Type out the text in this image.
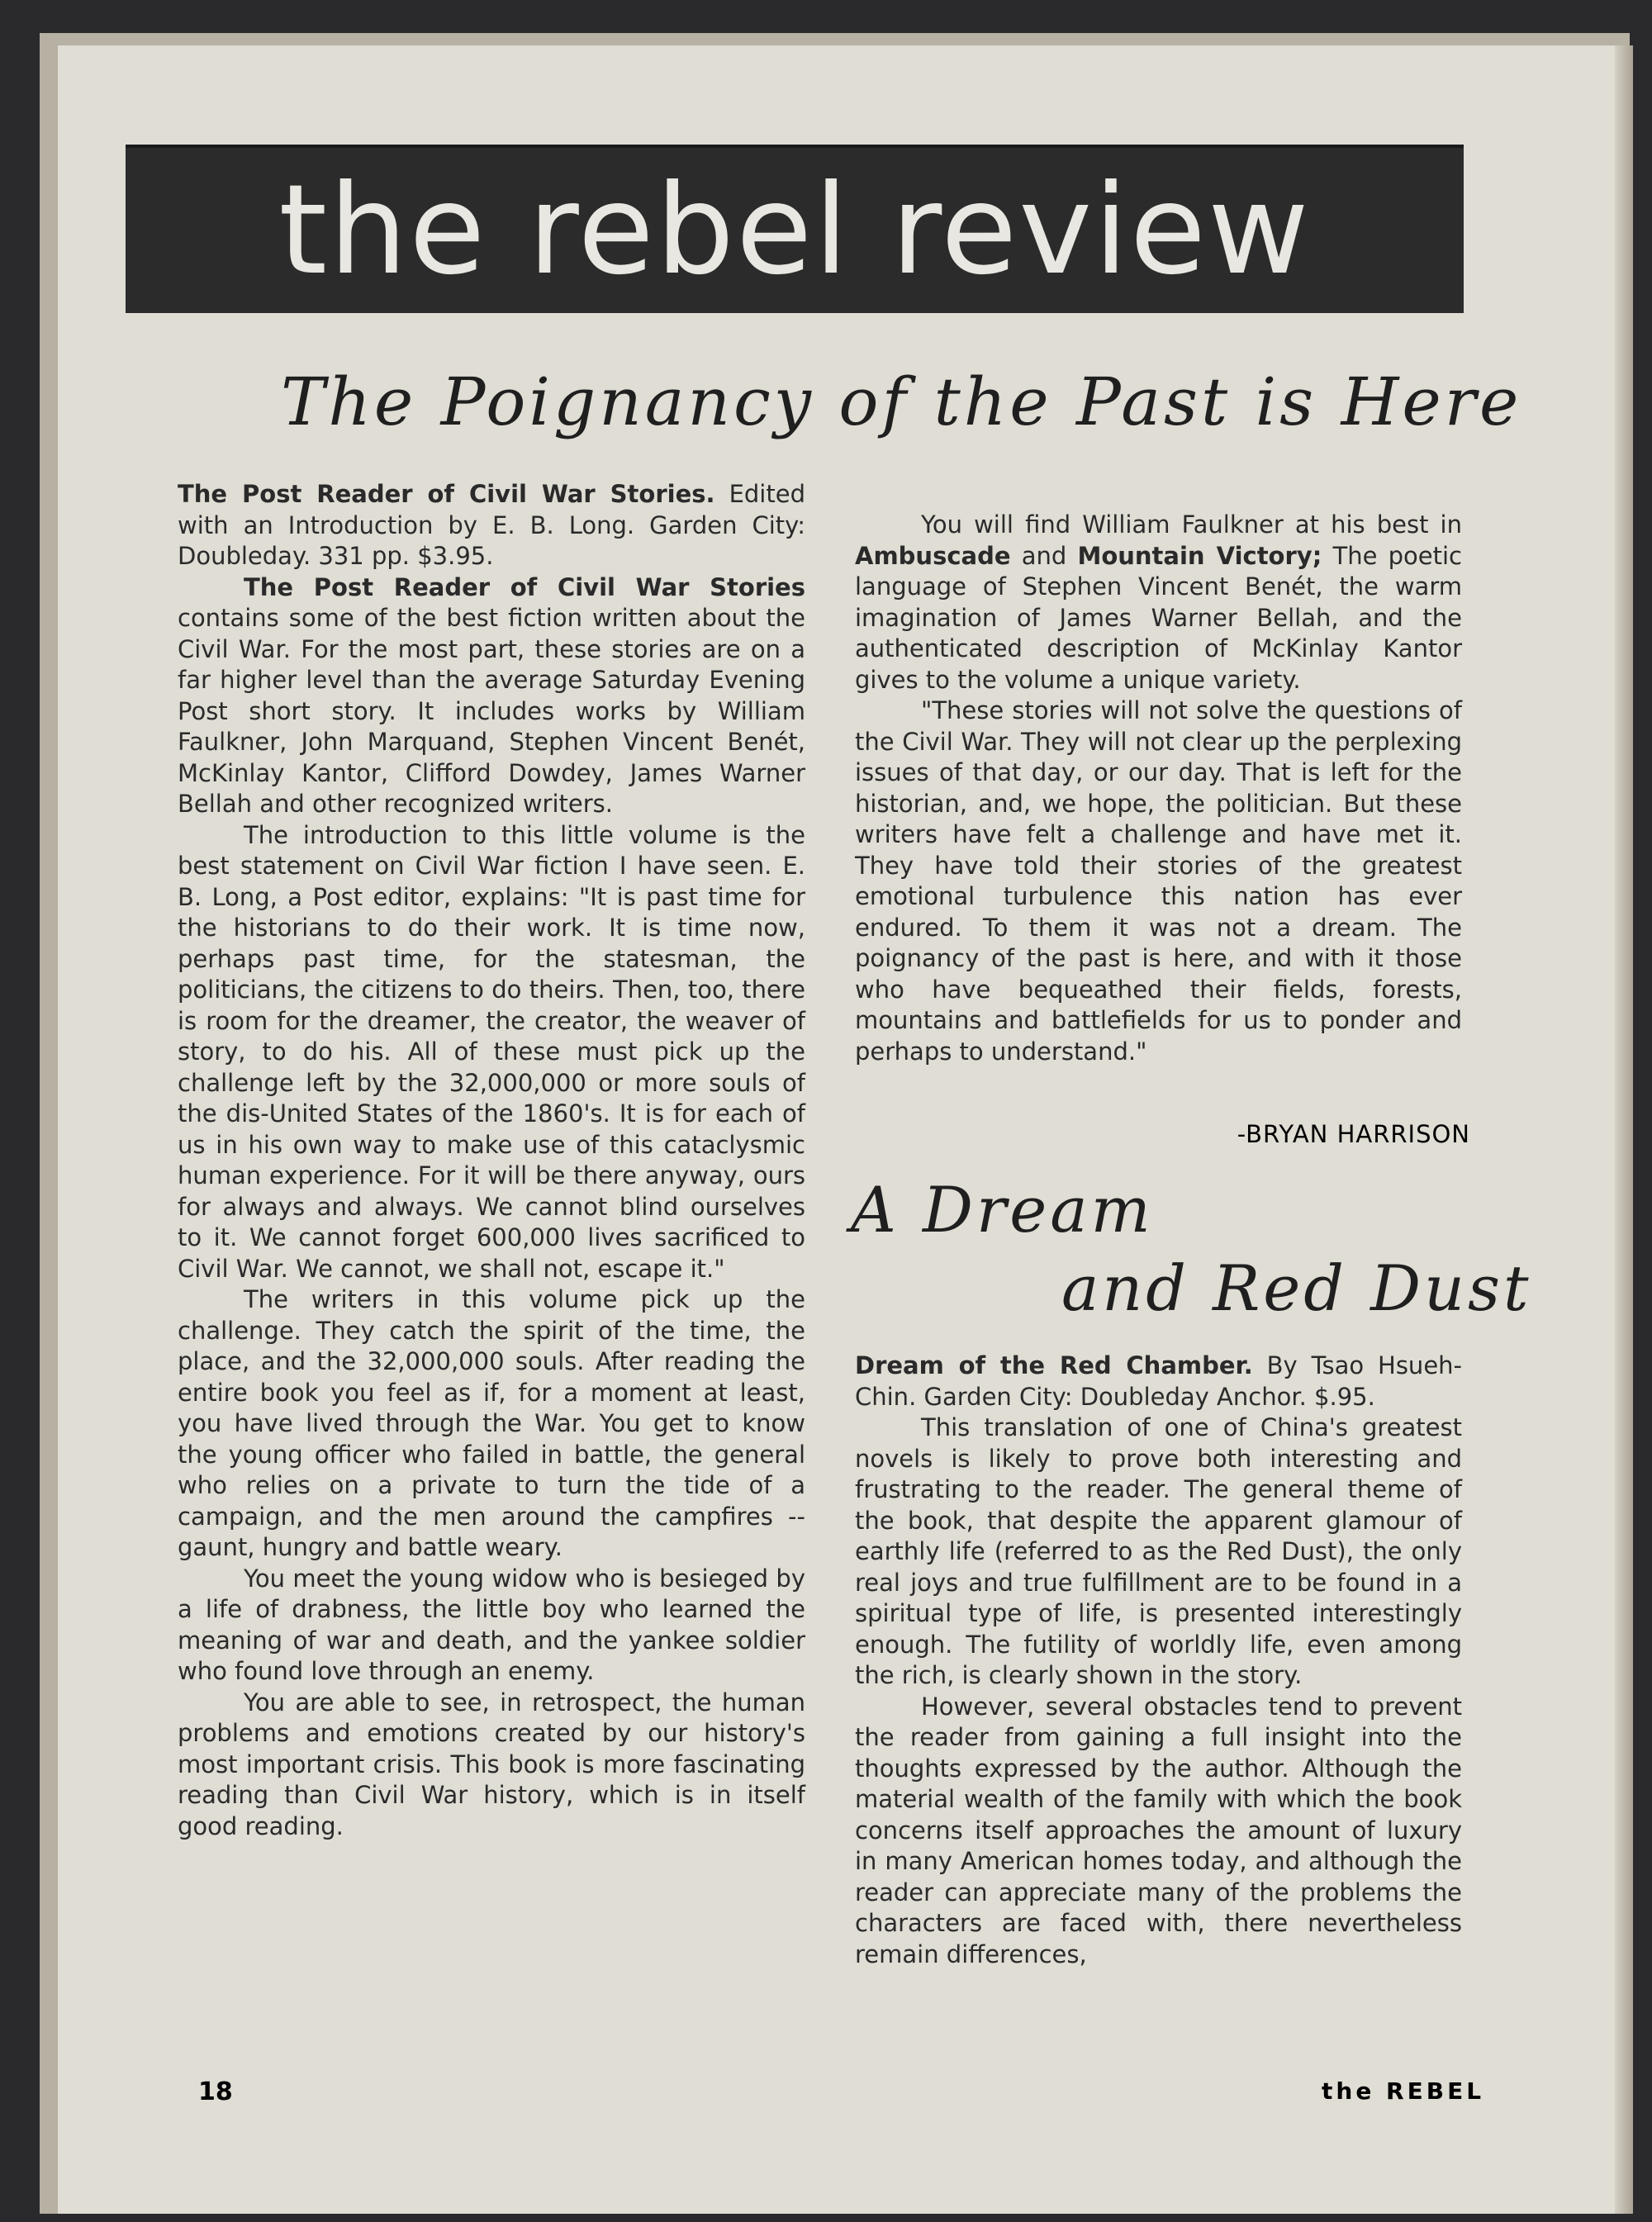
the rebel review
The Poignancy of the Past is Here

The Post Reader of Civil War Stories. Edited with an Introduction by E. B. Long. Garden City: Doubleday. 331 pp. $3.95.

The Post Reader of Civil War Stories contains some of the best fiction written about the Civil War. For the most part, these stories are on a far higher level than the average Saturday Evening Post short story. It includes works by William Faulkner, John Marquand, Stephen Vincent Benét, McKinlay Kantor, Clifford Dowdey, James Warner Bellah and other recognized writers.

The introduction to this little volume is the best statement on Civil War fiction I have seen. E. B. Long, a Post editor, explains: "It is past time for the historians to do their work. It is time now, perhaps past time, for the statesman, the politicians, the citizens to do theirs. Then, too, there is room for the dreamer, the creator, the weaver of story, to do his. All of these must pick up the challenge left by the 32,000,000 or more souls of the dis-United States of the 1860's. It is for each of us in his own way to make use of this cataclysmic human experience. For it will be there anyway, ours for always and always. We cannot blind ourselves to it. We cannot forget 600,000 lives sacrificed to Civil War. We cannot, we shall not, escape it."

The writers in this volume pick up the challenge. They catch the spirit of the time, the place, and the 32,000,000 souls. After reading the entire book you feel as if, for a moment at least, you have lived through the War. You get to know the young officer who failed in battle, the general who relies on a private to turn the tide of a campaign, and the men around the campfires -- gaunt, hungry and battle weary.

You meet the young widow who is besieged by a life of drabness, the little boy who learned the meaning of war and death, and the yankee soldier who found love through an enemy.

You are able to see, in retrospect, the human problems and emotions created by our history's most important crisis. This book is more fascinating reading than Civil War history, which is in itself good reading.

You will find William Faulkner at his best in Ambuscade and Mountain Victory; The poetic language of Stephen Vincent Benét, the warm imagination of James Warner Bellah, and the authenticated description of McKinlay Kantor gives to the volume a unique variety.

"These stories will not solve the questions of the Civil War. They will not clear up the perplexing issues of that day, or our day. That is left for the historian, and, we hope, the politician. But these writers have felt a challenge and have met it. They have told their stories of the greatest emotional turbulence this nation has ever endured. To them it was not a dream. The poignancy of the past is here, and with it those who have bequeathed their fields, forests, mountains and battlefields for us to ponder and perhaps to understand."

-BRYAN HARRISON
A Dream
and Red Dust

Dream of the Red Chamber. By Tsao Hsueh-Chin. Garden City: Doubleday Anchor. $.95.

This translation of one of China's greatest novels is likely to prove both interesting and frustrating to the reader. The general theme of the book, that despite the apparent glamour of earthly life (referred to as the Red Dust), the only real joys and true fulfillment are to be found in a spiritual type of life, is presented interestingly enough. The futility of worldly life, even among the rich, is clearly shown in the story.

However, several obstacles tend to prevent the reader from gaining a full insight into the thoughts expressed by the author. Although the material wealth of the family with which the book concerns itself approaches the amount of luxury in many American homes today, and although the reader can appreciate many of the problems the characters are faced with, there nevertheless remain differences,

18	the REBEL
